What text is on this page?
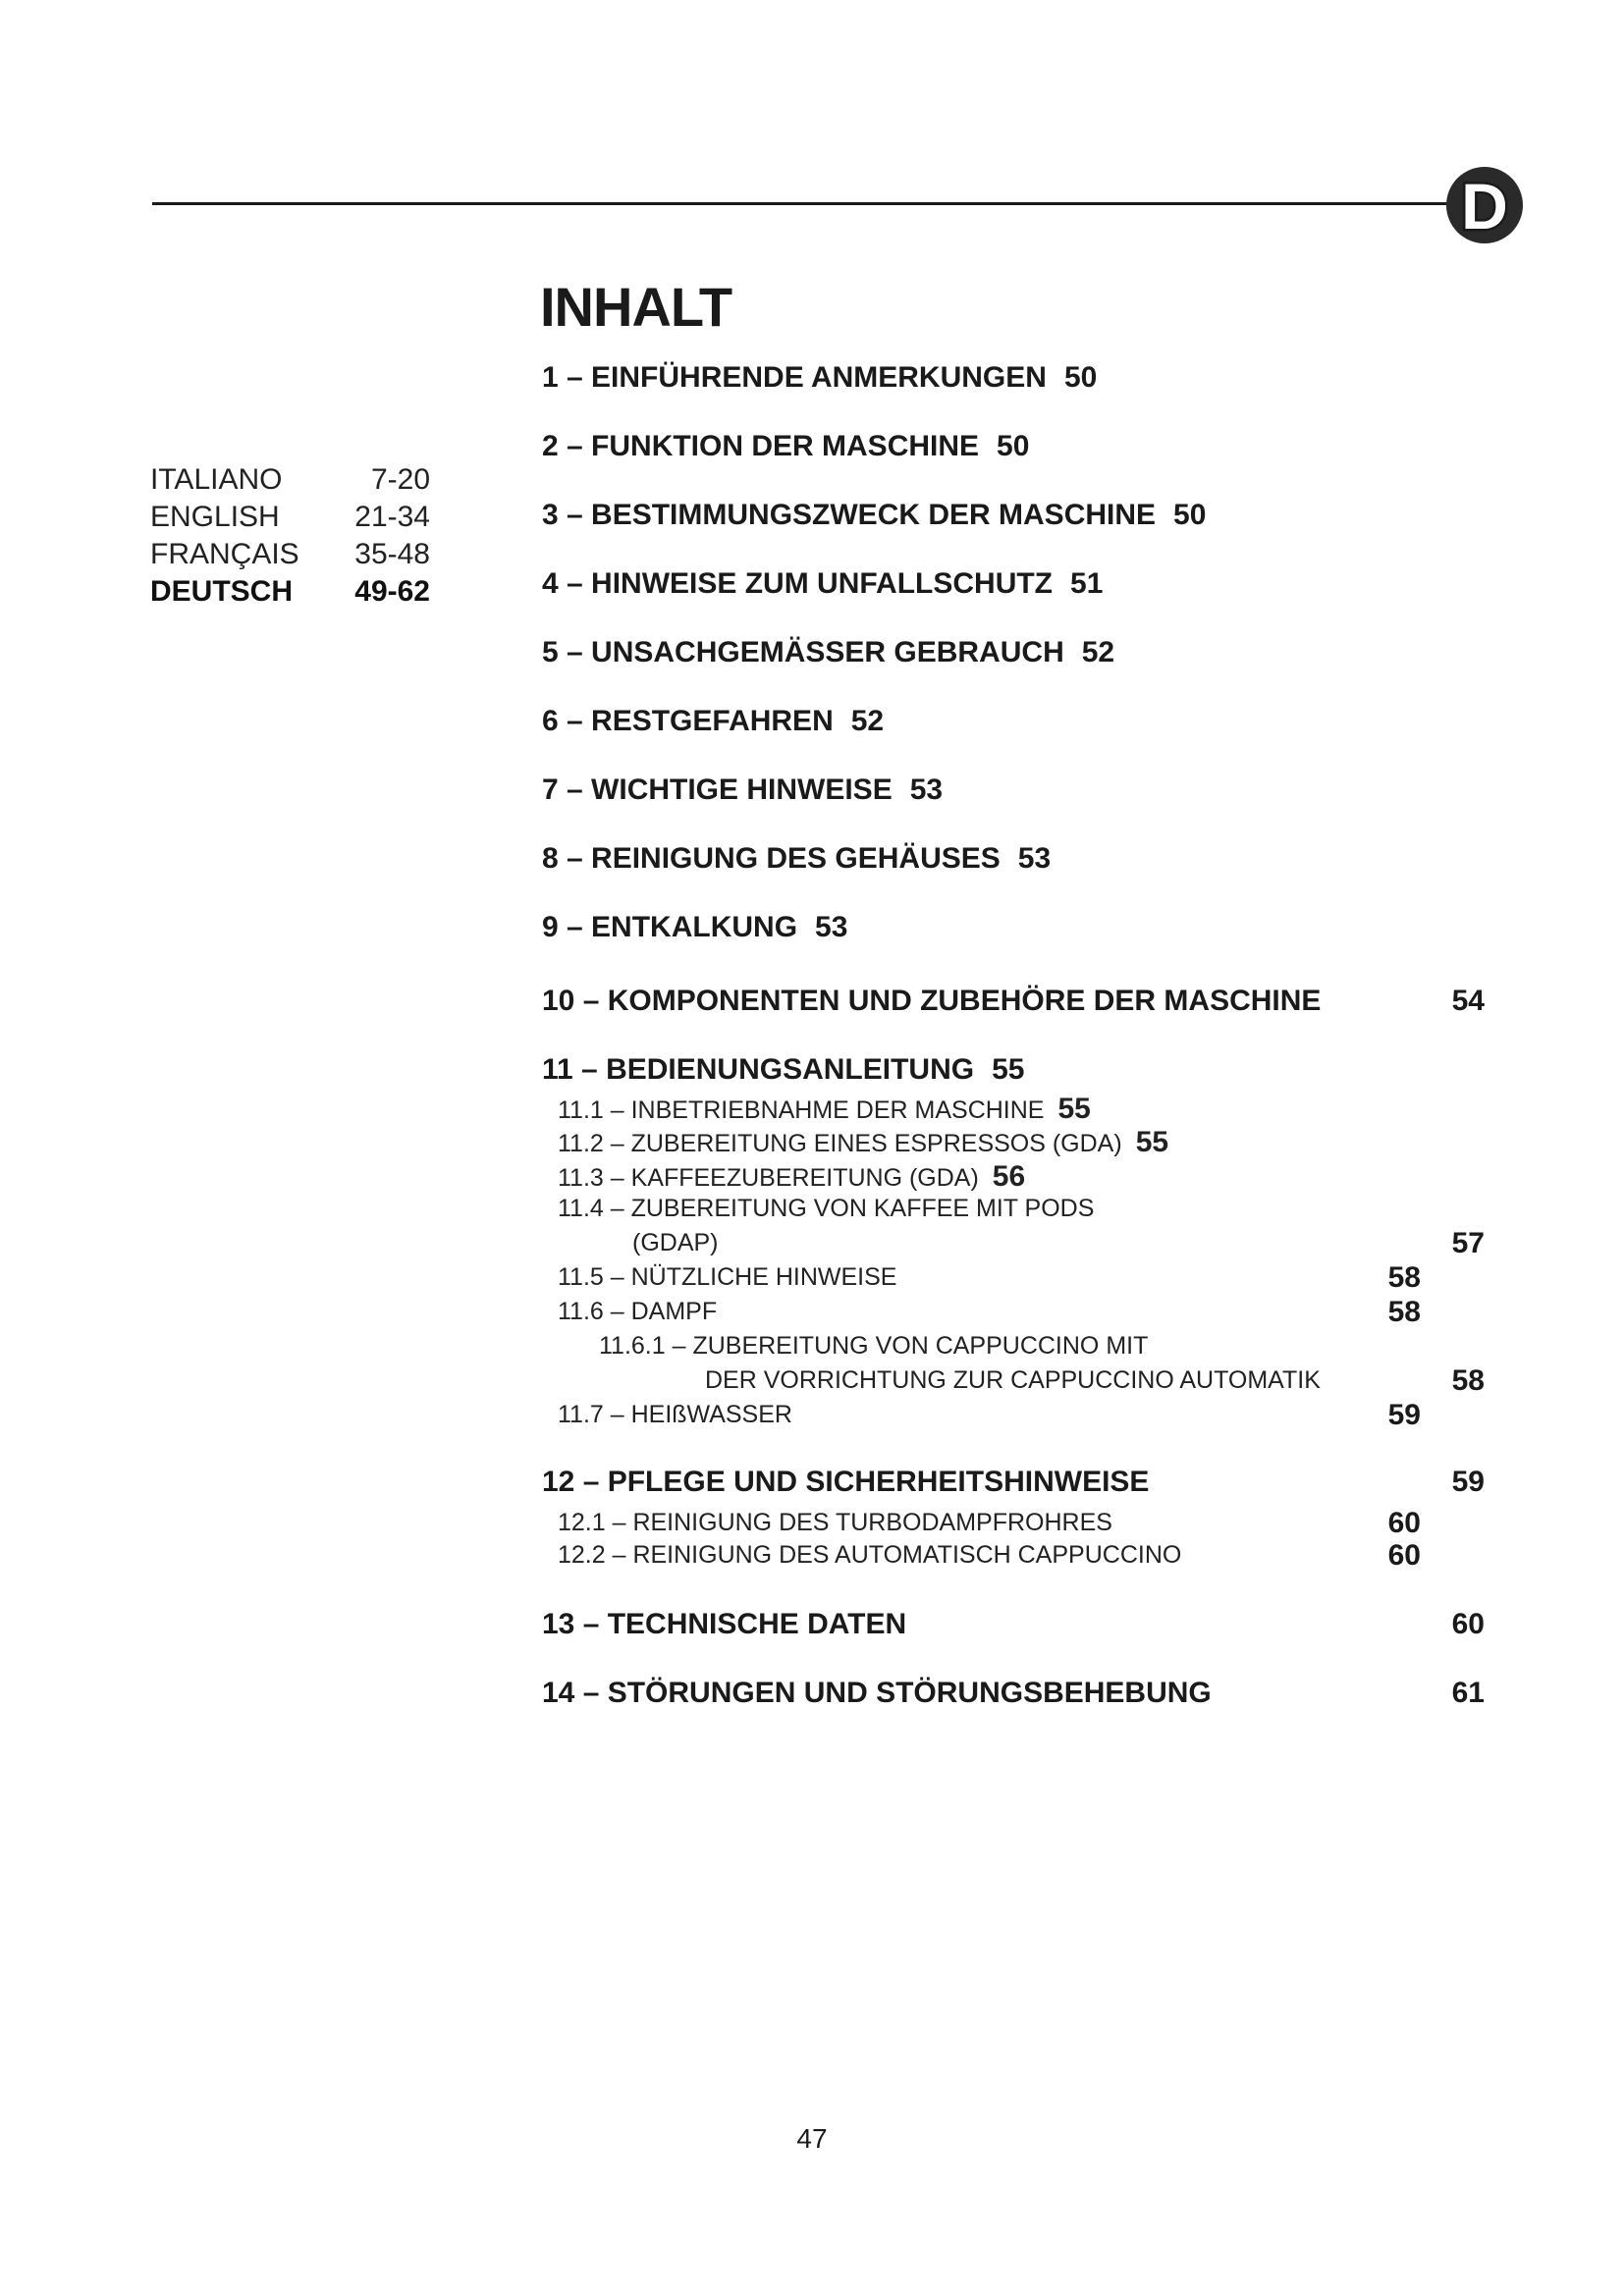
D
INHALT
ITALIANO	7-20
ENGLISH	21-34
FRANÇAIS 35-48
DEUTSCH 49-62
1 – EINFÜHRENDE ANMERKUNGEN 50
2 – FUNKTION DER MASCHINE 50
3 – BESTIMMUNGSZWECK DER MASCHINE 50
4 – HINWEISE ZUM UNFALLSCHUTZ 51
5 – UNSACHGEMÄSSER GEBRAUCH 52
6 – RESTGEFAHREN 52
7 – WICHTIGE HINWEISE 53
8 – REINIGUNG DES GEHÄUSES 53
9 – ENTKALKUNG 53
10 – KOMPONENTEN UND ZUBEHÖRE DER MASCHINE	54
11 – BEDIENUNGSANLEITUNG 55
11.1 – INBETRIEBNAHME DER MASCHINE 55
11.2 – ZUBEREITUNG EINES ESPRESSOS (GDA) 55
11.3 – KAFFEEZUBEREITUNG (GDA) 56
11.4 – ZUBEREITUNG VON KAFFEE MIT PODS
(GDAP)	57
11.5 – NÜTZLICHE HINWEISE	58
11.6 – DAMPF	58
11.6.1 – ZUBEREITUNG VON CAPPUCCINO MIT
DER VORRICHTUNG ZUR CAPPUCCINO AUTOMATIK	58
11.7 – HEIßWASSER	59
12 – PFLEGE UND SICHERHEITSHINWEISE	59
12.1 – REINIGUNG DES TURBODAMPFROHRES	60
12.2 – REINIGUNG DES AUTOMATISCH CAPPUCCINO	60
13 – TECHNISCHE DATEN	60
14 – STÖRUNGEN UND STÖRUNGSBEHEBUNG	61
47
